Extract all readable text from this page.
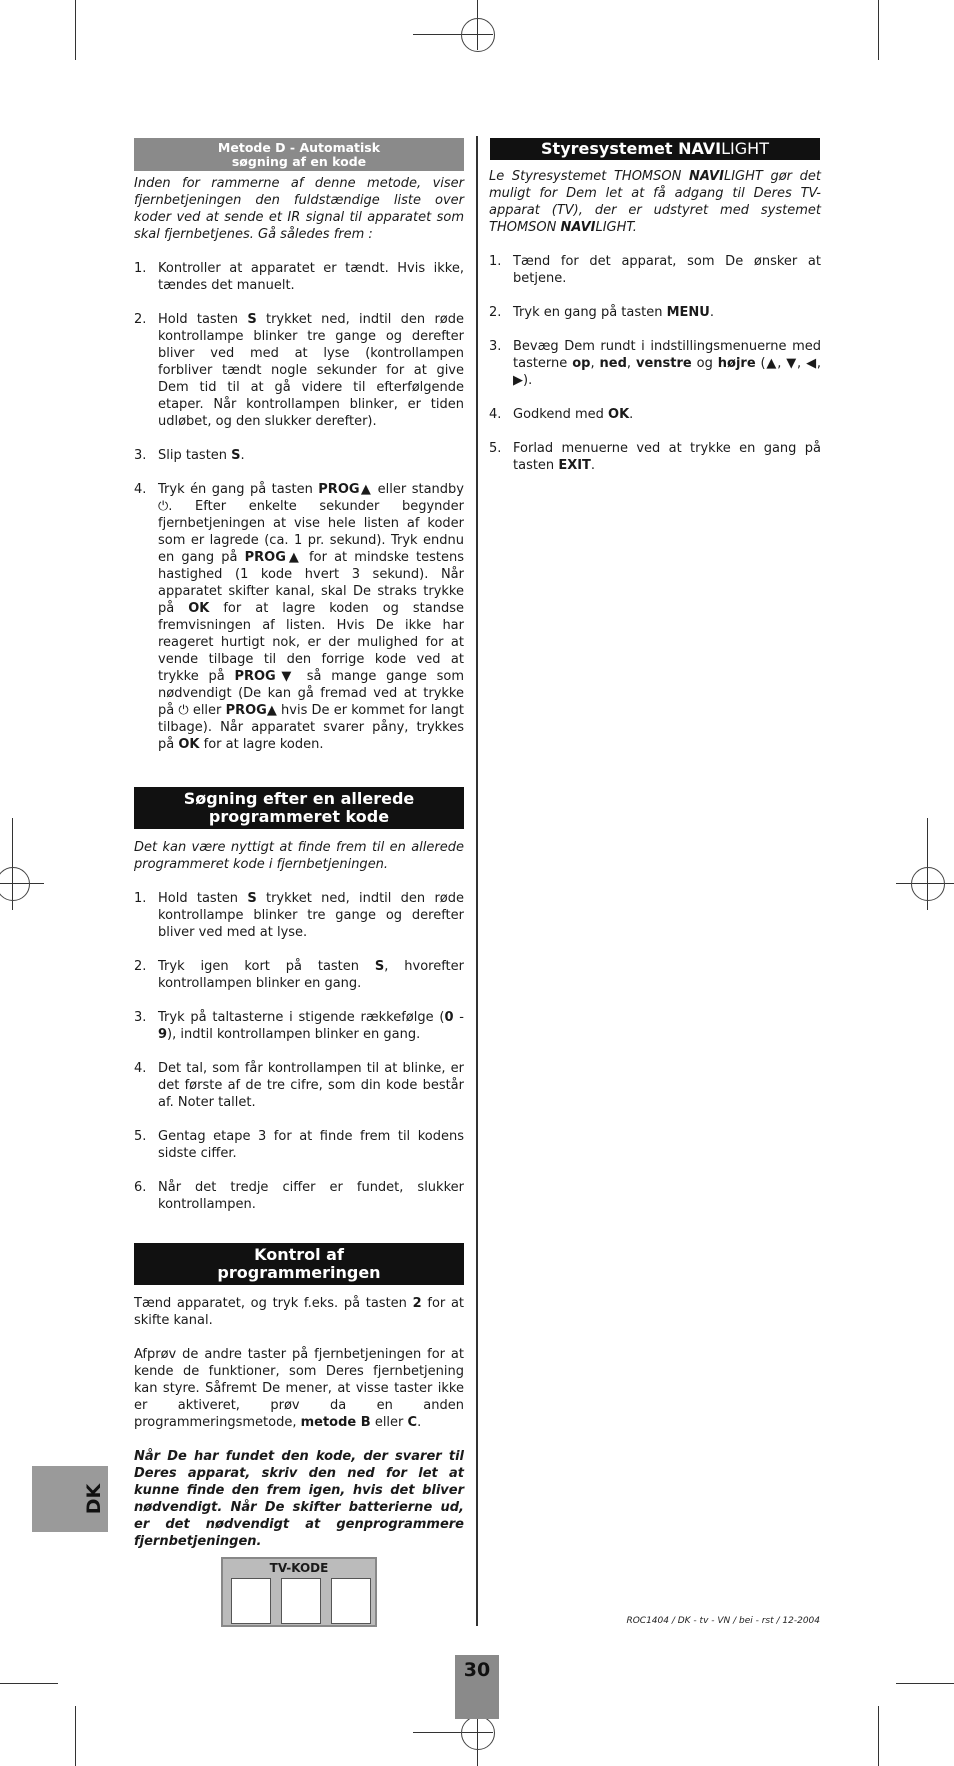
Metode D - Automatisk
søgning af en kode

Inden for rammerne af denne metode, viser fjernbetjeningen den fuldstændige liste over koder ved at sende et IR signal til apparatet som skal fjernbetjenes. Gå således frem :

1. Kontroller at apparatet er tændt. Hvis ikke, tændes det manuelt.
2. Hold tasten S trykket ned, indtil den røde kontrollampe blinker tre gange og derefter bliver ved med at lyse (kontrollampen forbliver tændt nogle sekunder for at give Dem tid til at gå videre til efterfølgende etaper. Når kontrollampen blinker, er tiden udløbet, og den slukker derefter).
3. Slip tasten S.
4. Tryk én gang på tasten PROG▲ eller standby ⏻. Efter enkelte sekunder begynder fjernbetjeningen at vise hele listen af koder som er lagrede (ca. 1 pr. sekund). Tryk endnu en gang på PROG▲ for at mindske testens hastighed (1 kode hvert 3 sekund). Når apparatet skifter kanal, skal De straks trykke på OK for at lagre koden og standse fremvisningen af listen. Hvis De ikke har reageret hurtigt nok, er der mulighed for at vende tilbage til den forrige kode ved at trykke på PROG▼ så mange gange som nødvendigt (De kan gå fremad ved at trykke på ⏻ eller PROG▲ hvis De er kommet for langt tilbage). Når apparatet svarer påny, trykkes på OK for at lagre koden.
Søgning efter en allerede
programmeret kode

Det kan være nyttigt at finde frem til en allerede programmeret kode i fjernbetjeningen.

1. Hold tasten S trykket ned, indtil den røde kontrollampe blinker tre gange og derefter bliver ved med at lyse.
2. Tryk igen kort på tasten S, hvorefter kontrollampen blinker en gang.
3. Tryk på taltasterne i stigende rækkefølge (0 - 9), indtil kontrollampen blinker en gang.
4. Det tal, som får kontrollampen til at blinke, er det første af de tre cifre, som din kode består af. Noter tallet.
5. Gentag etape 3 for at finde frem til kodens sidste ciffer.
6. Når det tredje ciffer er fundet, slukker kontrollampen.
Kontrol af
programmeringen

Tænd apparatet, og tryk f.eks. på tasten 2 for at skifte kanal.

Afprøv de andre taster på fjernbetjeningen for at kende de funktioner, som Deres fjernbetjening kan styre. Såfremt De mener, at visse taster ikke er aktiveret, prøv da en anden programmeringsmetode, metode B eller C.

Når De har fundet den kode, der svarer til Deres apparat, skriv den ned for let at kunne finde den frem igen, hvis det bliver nødvendigt. Når De skifter batterierne ud, er det nødvendigt at genprogrammere fjernbetjeningen.

TV-KODE
Styresystemet NAVILIGHT

Le Styresystemet THOMSON NAVILIGHT gør det muligt for Dem let at få adgang til Deres TV-apparat (TV), der er udstyret med systemet THOMSON NAVILIGHT.

1. Tænd for det apparat, som De ønsker at betjene.
2. Tryk en gang på tasten MENU.
3. Bevæg Dem rundt i indstillingsmenuerne med tasterne op, ned, venstre og højre (▲, ▼, ◀, ▶).
4. Godkend med OK.
5. Forlad menuerne ved at trykke en gang på tasten EXIT.
DK
ROC1404 / DK - tv - VN / bei - rst / 12-2004
30
